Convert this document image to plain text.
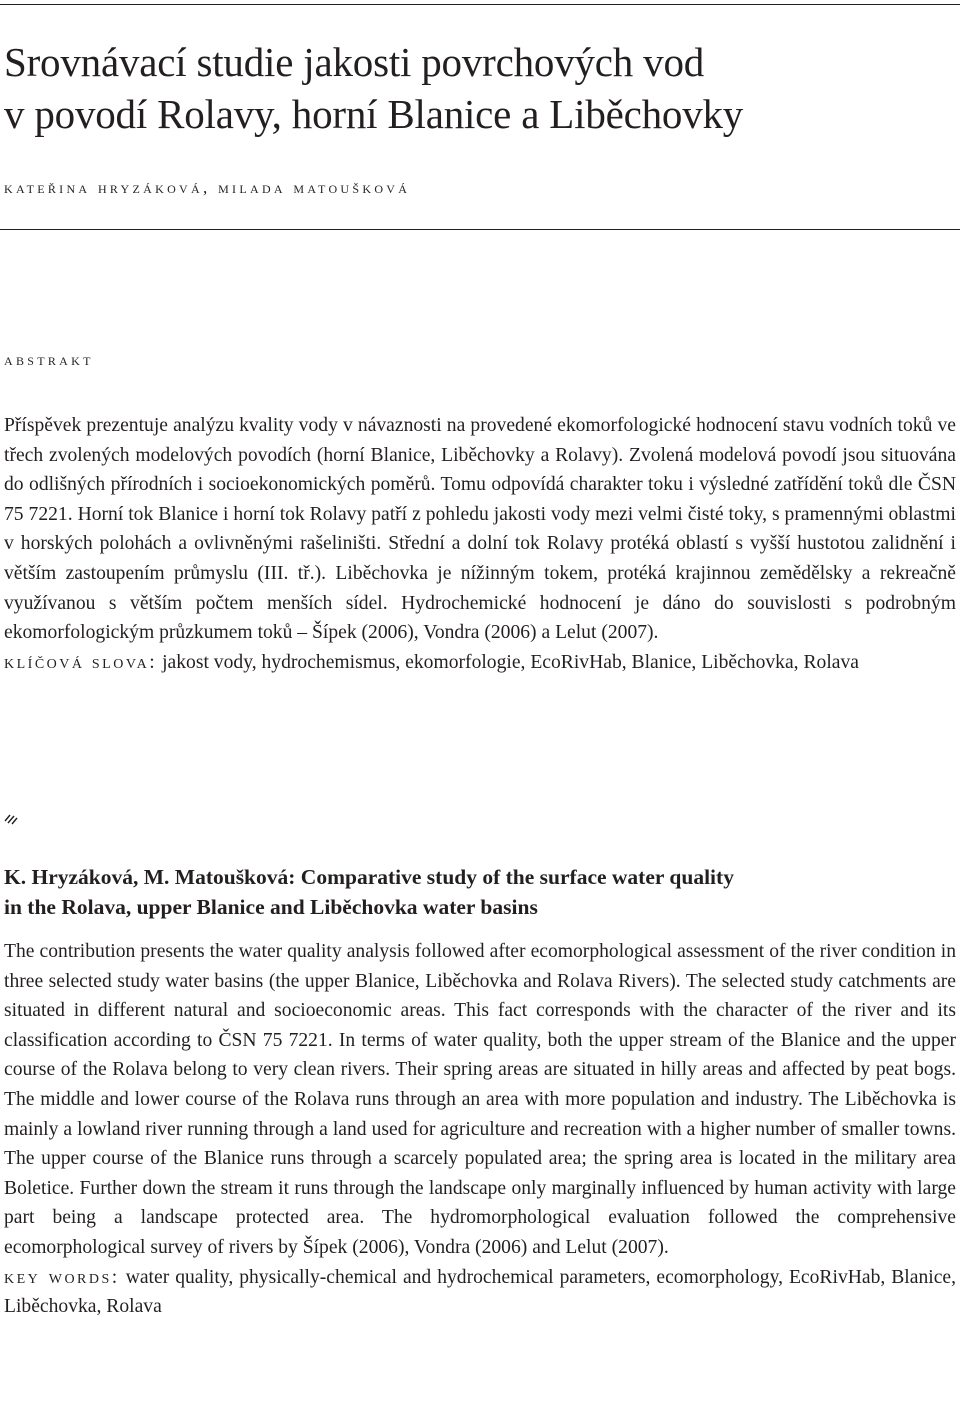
Srovnávací studie jakosti povrchových vod
v povodí Rolavy, horní Blanice a Liběchovky

kateřina hryzáková, milada matoušková

abstrakt

Příspěvek prezentuje analýzu kvality vody v návaznosti na provedené ekomorfologické hodnocení stavu vodních toků ve třech zvolených modelových povodích (horní Blanice, Liběchovky a Rolavy). Zvolená modelová povodí jsou situována do odlišných přírodních i socioekonomických poměrů. Tomu odpovídá charakter toku i výsledné zatřídění toků dle ČSN 75 7221. Horní tok Blanice i horní tok Rolavy patří z pohledu jakosti vody mezi velmi čisté toky, s pramennými oblastmi v horských polohách a ovlivněnými rašeliništi. Střední a dolní tok Rolavy protéká oblastí s vyšší hustotou zalidnění i větším zastoupením průmyslu (III. tř.). Liběchovka je nížinným tokem, protéká krajinnou zemědělsky a rekreačně využívanou s větším počtem menších sídel. Hydrochemické hodnocení je dáno do souvislosti s podrobným ekomorfologickým průzkumem toků – Šípek (2006), Vondra (2006) a Lelut (2007).
klíčová slova: jakost vody, hydrochemismus, ekomorfologie, EcoRivHab, Blanice, Liběchovka, Rolava

K. Hryzáková, M. Matoušková: Comparative study of the surface water quality
in the Rolava, upper Blanice and Liběchovka water basins

The contribution presents the water quality analysis followed after ecomorphological assessment of the river condition in three selected study water basins (the upper Blanice, Liběchovka and Rolava Rivers). The selected study catchments are situated in different natural and socioeconomic areas. This fact corresponds with the character of the river and its classification according to ČSN 75 7221. In terms of water quality, both the upper stream of the Blanice and the upper course of the Rolava belong to very clean rivers. Their spring areas are situated in hilly areas and affected by peat bogs. The middle and lower course of the Rolava runs through an area with more population and industry. The Liběchovka is mainly a lowland river running through a land used for agriculture and recreation with a higher number of smaller towns. The upper course of the Blanice runs through a scarcely populated area; the spring area is located in the military area Boletice. Further down the stream it runs through the landscape only marginally influenced by human activity with large part being a landscape protected area. The hydromorphological evaluation followed the comprehensive ecomorphological survey of rivers by Šípek (2006), Vondra (2006) and Lelut (2007).
key words: water quality, physically-chemical and hydrochemical parameters, ecomorphology, EcoRivHab, Blanice, Liběchovka, Rolava
